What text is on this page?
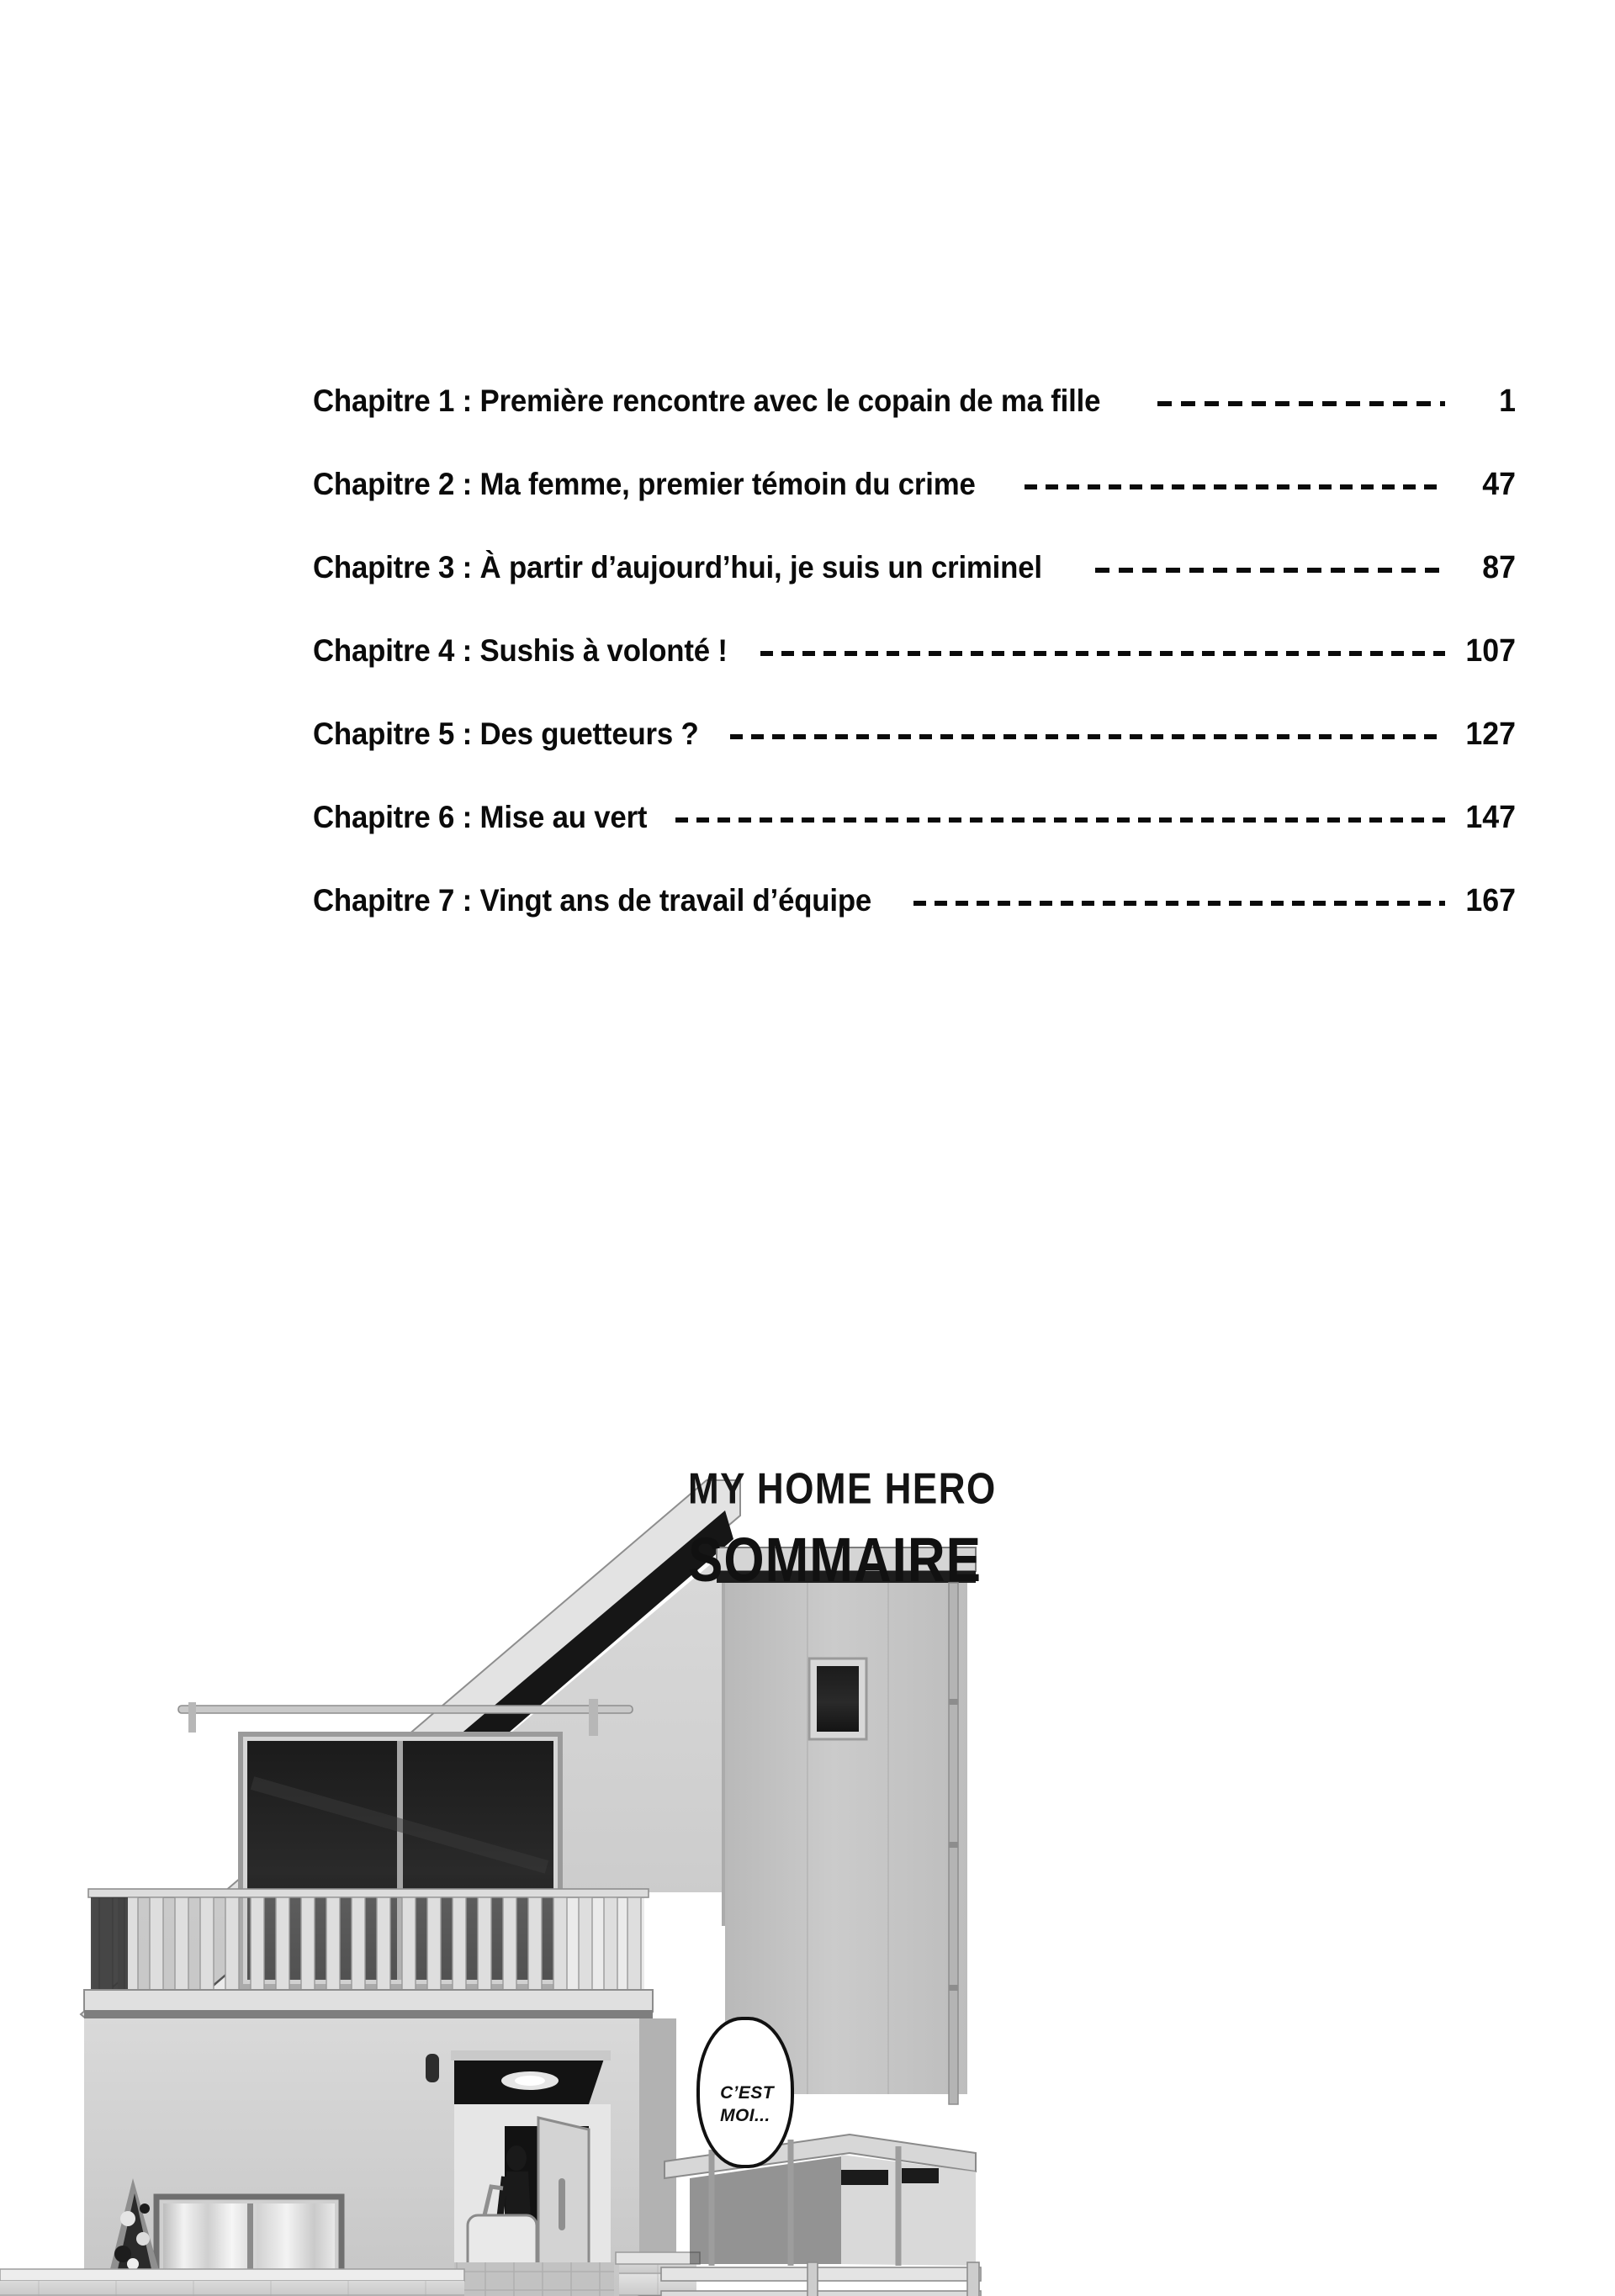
Chapitre 1 : Première rencontre avec le copain de ma fille	1
Chapitre 2 : Ma femme, premier témoin du crime	47
Chapitre 3 : À partir d’aujourd’hui, je suis un criminel	87
Chapitre 4 : Sushis à volonté !	107
Chapitre 5 : Des guetteurs ?	127
Chapitre 6 : Mise au vert	147
Chapitre 7 : Vingt ans de travail d’équipe	167
MY HOME HERO
SOMMAIRE
C’EST
MOI...
